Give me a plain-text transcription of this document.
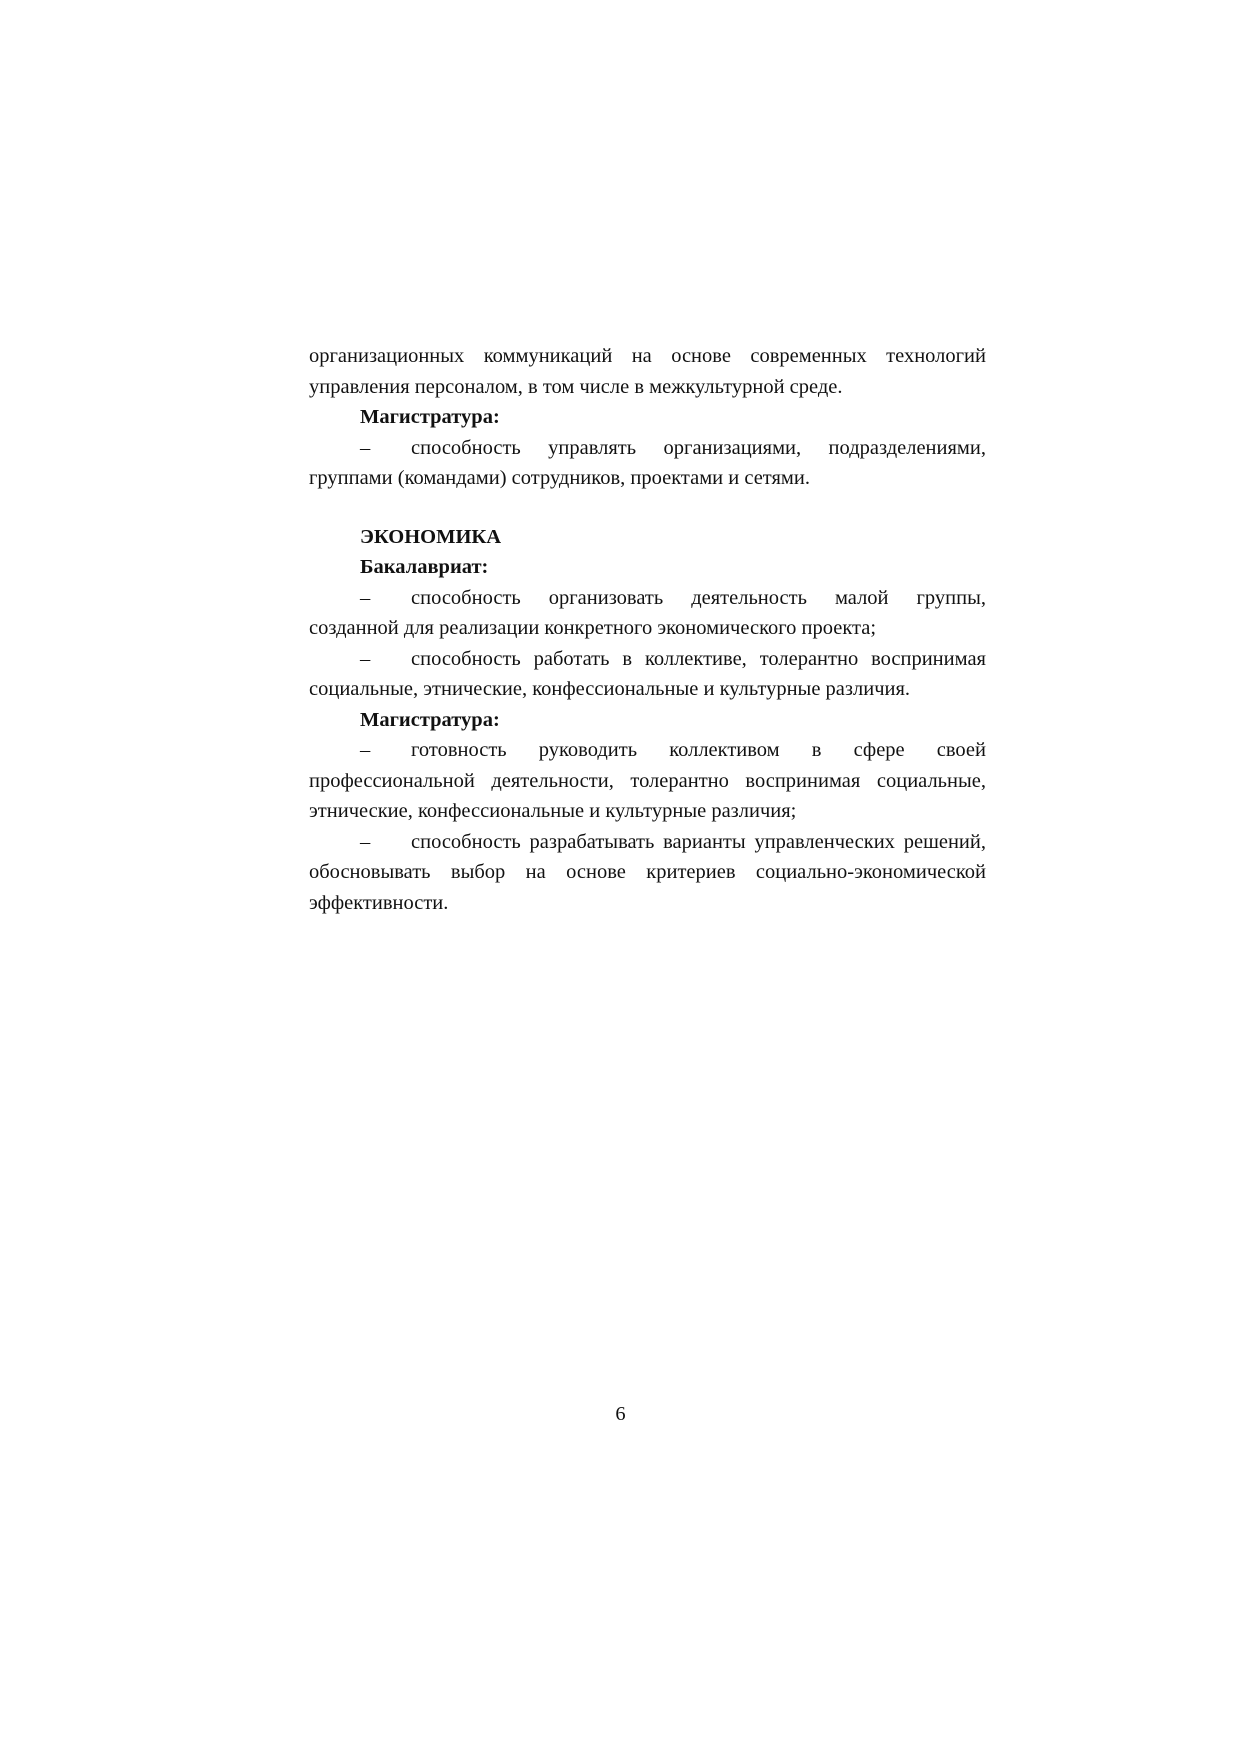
организационных коммуникаций на основе современных технологий управления персоналом, в том числе в межкультурной среде.

Магистратура:

– способность управлять организациями, подразделениями, группами (командами) сотрудников, проектами и сетями.

ЭКОНОМИКА

Бакалавриат:

– способность организовать деятельность малой группы, созданной для реализации конкретного экономического проекта;

– способность работать в коллективе, толерантно воспринимая социальные, этнические, конфессиональные и культурные различия.

Магистратура:

– готовность руководить коллективом в сфере своей профессиональной деятельности, толерантно воспринимая социальные, этнические, конфессиональные и культурные различия;

– способность разрабатывать варианты управленческих решений, обосновывать выбор на основе критериев социально-экономической эффективности.

6
